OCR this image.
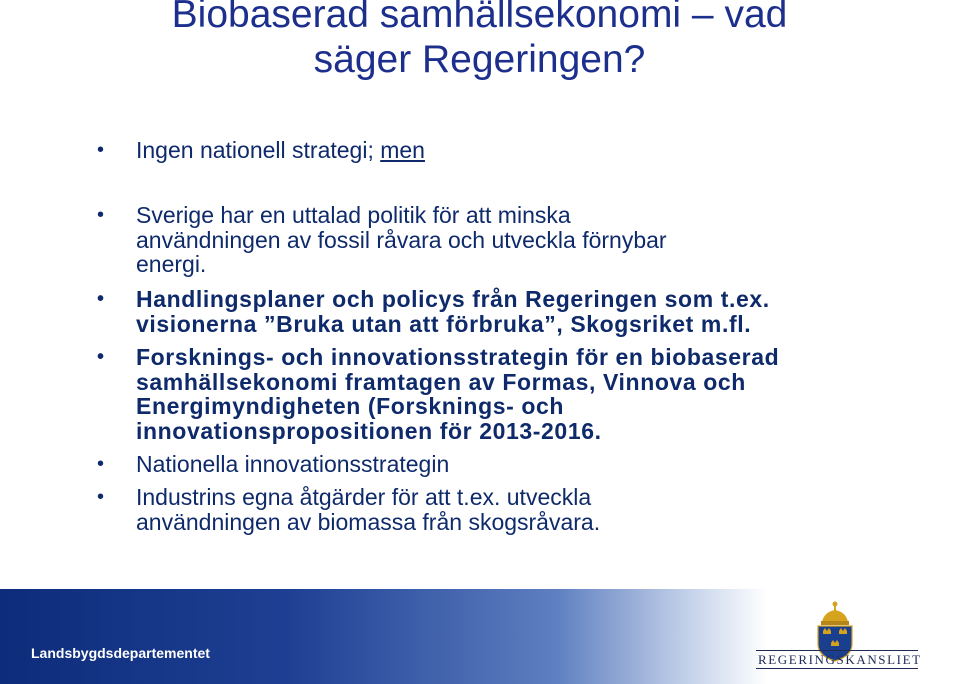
Biobaserad samhällsekonomi – vad
säger Regeringen?
• Ingen nationell strategi; men
• Sverige har en uttalad politik för att minska
användningen av fossil råvara och utveckla förnybar
energi.
• Handlingsplaner och policys från Regeringen som t.ex.
visionerna ”Bruka utan att förbruka”, Skogsriket m.fl.
• Forsknings- och innovationsstrategin för en biobaserad
samhällsekonomi framtagen av Formas, Vinnova och
Energimyndigheten (Forsknings- och
innovationspropositionen för 2013-2016.
• Nationella innovationsstrategin
• Industrins egna åtgärder för att t.ex. utveckla
användningen av biomassa från skogsråvara.
Landsbygdsdepartementet	REGERINGSKANSLIET
